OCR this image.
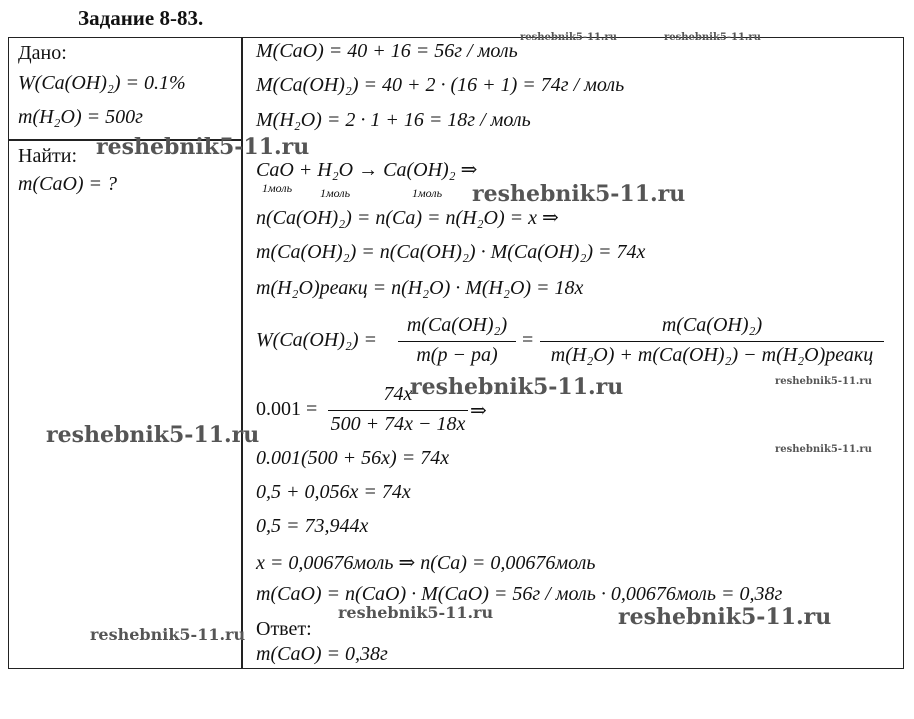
Задание 8-83.
Дано:
W(Ca(OH)₂) = 0.1%
m(H₂O) = 500г
Найти:
m(CaO) = ?
M(CaO) = 40 + 16 = 56г / моль
M(Ca(OH)₂) = 40 + 2 · (16 + 1) = 74г / моль
M(H₂O) = 2 · 1 + 16 = 18г / моль
CaO + H₂O → Ca(OH)₂ ⇒
1моль 1моль	1моль
n(Ca(OH)₂) = n(Ca) = n(H₂O) = x ⇒
m(Ca(OH)₂) = n(Ca(OH)₂) · M(Ca(OH)₂) = 74x
m(H₂O)реакц = n(H₂O) · M(H₂O) = 18x
W(Ca(OH)₂) =
m(Ca(OH)₂)
m(p − pa)
=
m(Ca(OH)₂)
m(H₂O) + m(Ca(OH)₂) − m(H₂O)реакц
0.001 =
74x
500 + 74x − 18x
⇒
0.001(500 + 56x) = 74x
0,5 + 0,056x = 74x
0,5 = 73,944x
x = 0,00676моль ⇒ n(Ca) = 0,00676моль
m(CaO) = n(CaO) · M(CaO) = 56г / моль · 0,00676моль = 0,38г
Ответ:
m(CaO) = 0,38г
reshebnik5-11.ru	reshebnik5-11.ru
reshebnik5-11.ru
reshebnik5-11.ru
reshebnik5-11.ru	reshebnik5-11.ru
reshebnik5-11.ru
reshebnik5-11.ru
reshebnik5-11.ru	reshebnik5-11.ru
reshebnik5-11.ru
